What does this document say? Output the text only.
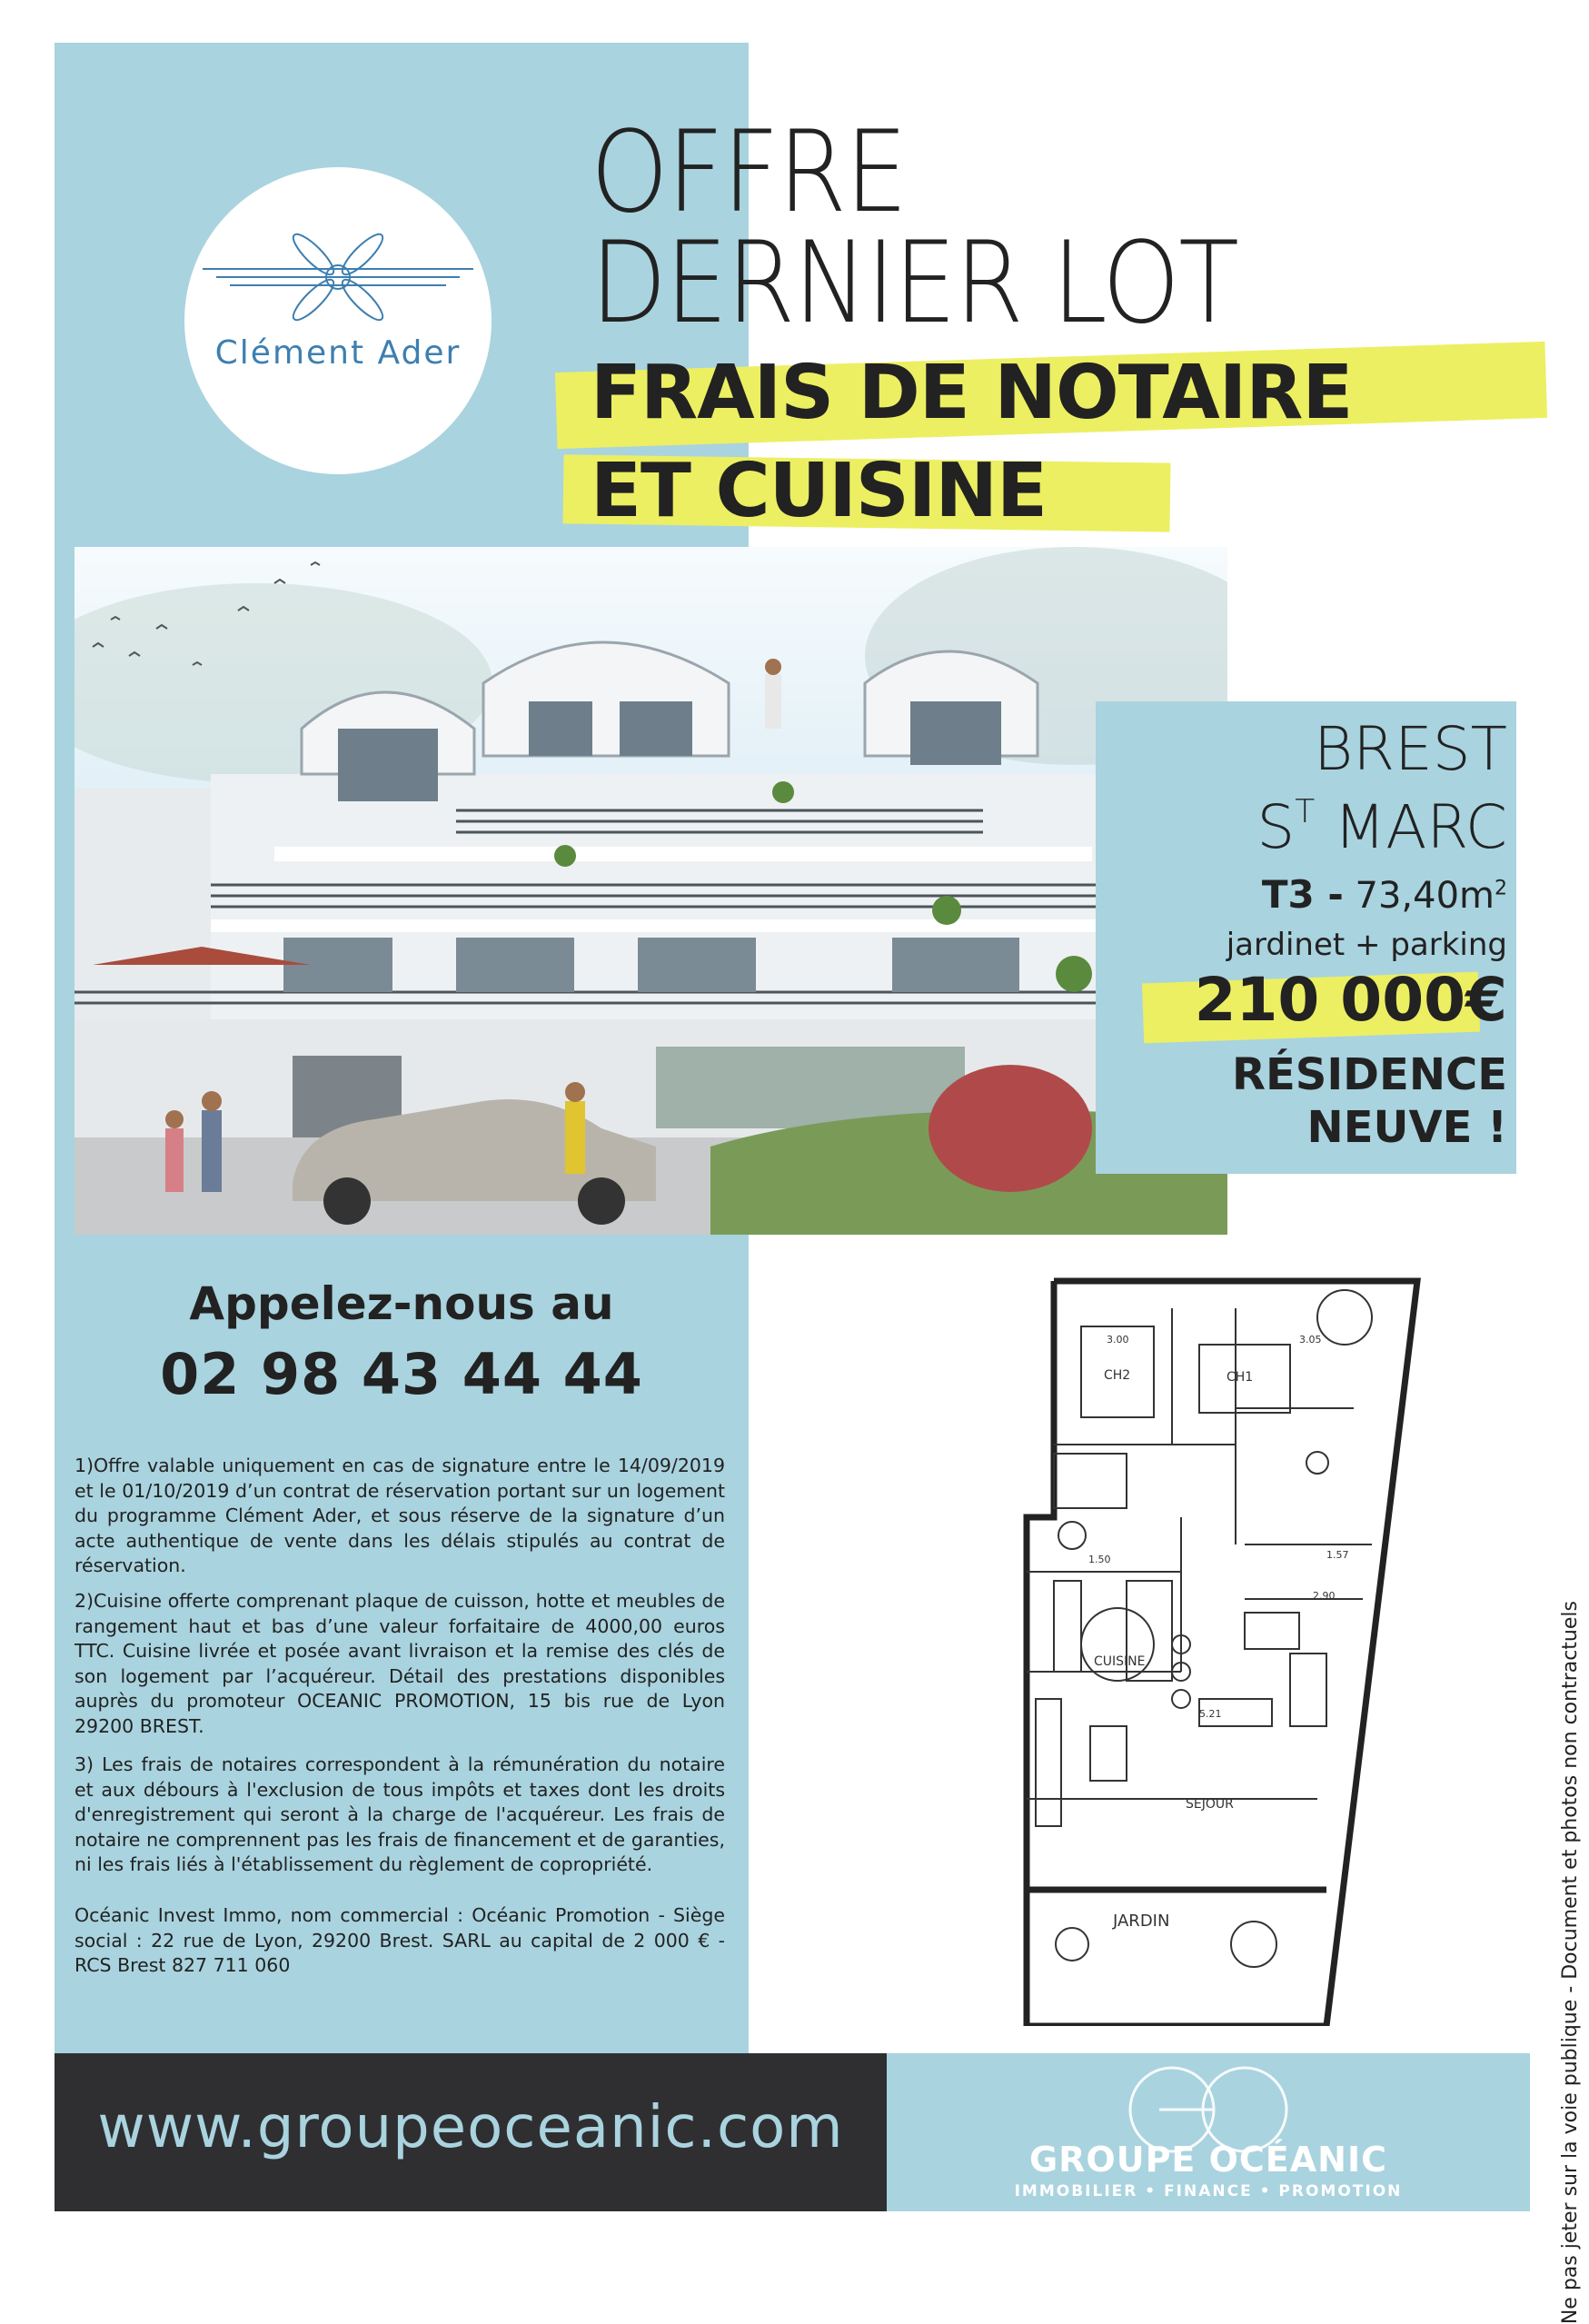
Clément Ader
OFFRE
DERNIER LOT
FRAIS DE NOTAIRE
ET CUISINE
BREST
$S^T$ MARC
$T3 - 73,40m^2$
jardinet + parking
210 000€
RÉSIDENCE
NEUVE !
Appelez-nous au
02 98 43 44 44
1)Offre valable uniquement en cas de signature entre le 14/09/2019 et le 01/10/2019 d’un contrat de réservation portant sur un logement du programme Clément Ader, et sous réserve de la signature d’un acte authentique de vente dans les délais stipulés au contrat de réservation.
2)Cuisine offerte comprenant plaque de cuisson, hotte et meubles de rangement haut et bas d’une valeur forfaitaire de 4000,00 euros TTC. Cuisine livrée et posée avant livraison et la remise des clés de son logement par l’acquéreur. Détail des prestations disponibles auprès du promoteur OCEANIC PROMOTION, 15 bis rue de Lyon 29200 BREST.
3) Les frais de notaires correspondent à la rémunération du notaire et aux débours à l'exclusion de tous impôts et taxes dont les droits d'enregistrement qui seront à la charge de l'acquéreur. Les frais de notaire ne comprennent pas les frais de financement et de garanties, ni les frais liés à l'établissement du règlement de copropriété.
Océanic Invest Immo, nom commercial : Océanic Promotion - Siège social : 22 rue de Lyon, 29200 Brest. SARL au capital de 2 000 € - RCS Brest 827 711 060	Ne pas jeter sur la voie publique - Document et photos non contractuels
CH2	CH1
CUISINE
SEJOUR
JARDIN
3.00	3.05
5.21
2.90
1.57
1.50
www.groupeoceanic.com	GROUPE OCÉANIC
IMMOBILIER • FINANCE • PROMOTION
